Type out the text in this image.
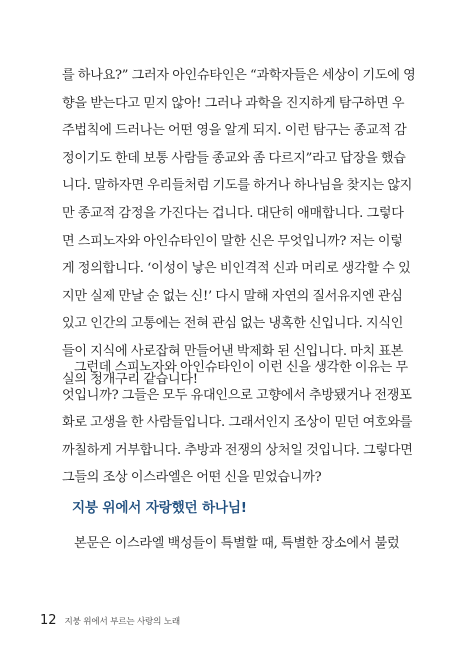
를 하나요?” 그러자 아인슈타인은 “과학자들은 세상이 기도에 영
향을 받는다고 믿지 않아! 그러나 과학을 진지하게 탐구하면 우
주법칙에 드러나는 어떤 영을 알게 되지. 이런 탐구는 종교적 감
정이기도 한데 보통 사람들 종교와 좀 다르지”라고 답장을 했습
니다. 말하자면 우리들처럼 기도를 하거나 하나님을 찾지는 않지
만 종교적 감정을 가진다는 겁니다. 대단히 애매합니다. 그렇다
면 스피노자와 아인슈타인이 말한 신은 무엇입니까? 저는 이렇
게 정의합니다. ‘이성이 낳은 비인격적 신과 머리로 생각할 수 있
지만 실제 만날 순 없는 신!’ 다시 말해 자연의 질서유지엔 관심
있고 인간의 고통에는 전혀 관심 없는 냉혹한 신입니다. 지식인
들이 지식에 사로잡혀 만들어낸 박제화 된 신입니다. 마치 표본
실의 청개구리 같습니다!
그런데 스피노자와 아인슈타인이 이런 신을 생각한 이유는 무
엇입니까? 그들은 모두 유대인으로 고향에서 추방됐거나 전쟁포
화로 고생을 한 사람들입니다. 그래서인지 조상이 믿던 여호와를
까칠하게 거부합니다. 추방과 전쟁의 상처일 것입니다. 그렇다면
그들의 조상 이스라엘은 어떤 신을 믿었습니까?
지붕 위에서 자랑했던 하나님!
본문은 이스라엘 백성들이 특별할 때, 특별한 장소에서 불렀
12 지붕 위에서 부르는 사랑의 노래
